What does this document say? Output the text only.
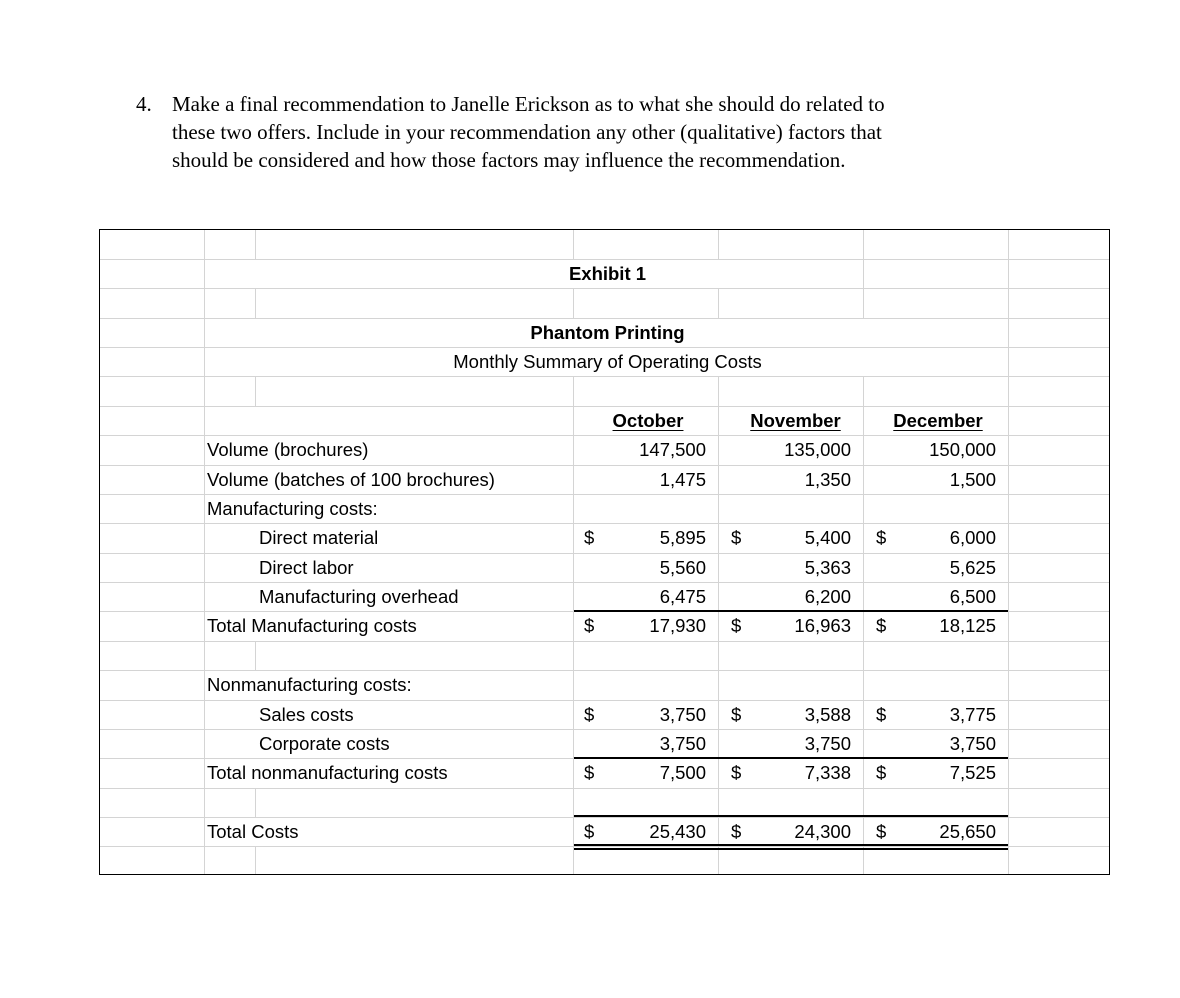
4. Make a final recommendation to Janelle Erickson as to what she should do related to
these two offers. Include in your recommendation any other (qualitative) factors that
should be considered and how those factors may influence the recommendation.
Exhibit 1
Phantom Printing
Monthly Summary of Operating Costs
October	November	December
Volume (brochures)	147,500	135,000	150,000
Volume (batches of 100 brochures)	1,475	1,350	1,500
Manufacturing costs:
Direct material	$	5,895 $	5,400 $	6,000
Direct labor	5,560	5,363	5,625
Manufacturing overhead	6,475	6,200	6,500
Total Manufacturing costs	$	17,930 $	16,963 $	18,125
Nonmanufacturing costs:
Sales costs	$	3,750 $	3,588 $	3,775
Corporate costs	3,750	3,750	3,750
Total nonmanufacturing costs	$	7,500 $	7,338 $	7,525
Total Costs	$	25,430 $	24,300 $	25,650
